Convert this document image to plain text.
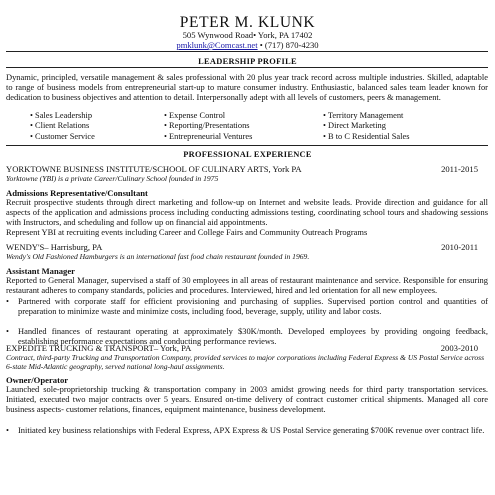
PETER M. KLUNK
505 Wynwood Road• York, PA 17402
pmklunk@Comcast.net • (717) 870-4230
LEADERSHIP PROFILE
Dynamic, principled, versatile management & sales professional with 20 plus year track record across multiple industries. Skilled, adaptable to range of business models from entrepreneurial start-up to mature consumer industry. Enthusiastic, balanced sales team leader known for dedication to business objectives and attention to detail. Interpersonally adept with all levels of customers, peers & management.
• Sales Leadership
• Client Relations
• Customer Service
• Expense Control
• Reporting/Presentations
• Entrepreneurial Ventures
• Territory Management
• Direct Marketing
• B to C Residential Sales
PROFESSIONAL EXPERIENCE
YORKTOWNE BUSINESS INSTITUTE/SCHOOL OF CULINARY ARTS, York PA	2011-2015
Yorktowne (YBI) is a private Career/Culinary School founded in 1975
Admissions Representative/Consultant
Recruit prospective students through direct marketing and follow-up on Internet and website leads. Provide direction and guidance for all aspects of the application and admissions process including conducting admissions testing, coordinating school tours and shadowing sessions with Instructors, and scheduling and follow up on financial aid appointments.
Represent YBI at recruiting events including Career and College Fairs and Community Outreach Programs
WENDY'S– Harrisburg, PA	2010-2011
Wendy's Old Fashioned Hamburgers is an international fast food chain restaurant founded in 1969.
Assistant Manager
Reported to General Manager, supervised a staff of 30 employees in all areas of restaurant maintenance and service. Responsible for ensuring restaurant adheres to company standards, policies and procedures. Interviewed, hired and led orientation for all new employees.
• Partnered with corporate staff for efficient provisioning and purchasing of supplies. Supervised portion control and quantities of preparation to minimize waste and minimize costs, including food, beverage, supply, utility and labor costs.
• Handled finances of restaurant operating at approximately $30K/month. Developed employees by providing ongoing feedback, establishing performance expectations and conducting performance reviews.
EXPEDITE TRUCKING & TRANSPORT– York, PA	2003-2010
Contract, third-party Trucking and Transportation Company, provided services to major corporations including Federal Express & US Postal Service across 6-state Mid-Atlantic geography, served national long-haul assignments.
Owner/Operator
Launched sole-proprietorship trucking & transportation company in 2003 amidst growing needs for third party transportation services. Initiated, executed two major contracts over 5 years. Ensured on-time delivery of contract customer critical shipments. Managed all core business aspects- customer relations, finances, equipment maintenance, business development.
• Initiated key business relationships with Federal Express, APX Express & US Postal Service generating $700K revenue over contract life.
